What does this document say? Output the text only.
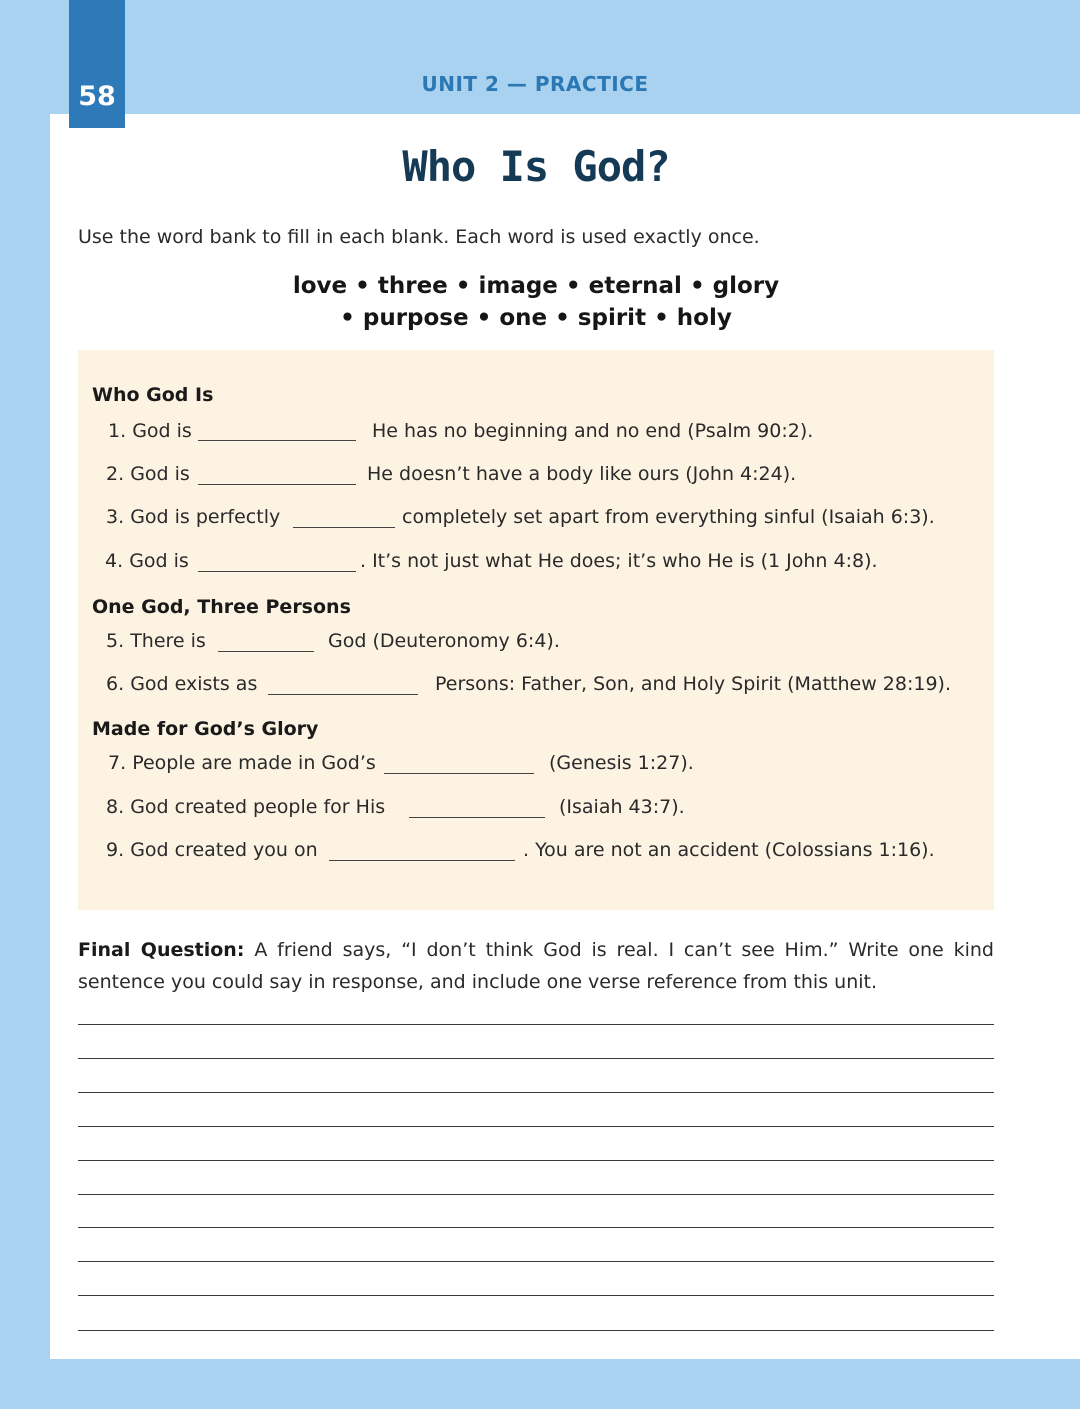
58	UNIT 2 — PRACTICE
Who Is God?
Use the word bank to fill in each blank. Each word is used exactly once.
love • three • image • eternal • glory
• purpose • one • spirit • holy
Who God Is
1. God is	He has no beginning and no end (Psalm 90:2).
2. God is	He doesn’t have a body like ours (John 4:24).
3. God is perfectly	completely set apart from everything sinful (Isaiah 6:3).
4. God is	. It’s not just what He does; it’s who He is (1 John 4:8).
One God, Three Persons
5. There is	God (Deuteronomy 6:4).
6. God exists as	Persons: Father, Son, and Holy Spirit (Matthew 28:19).
Made for God’s Glory
7. People are made in God’s	(Genesis 1:27).
8. God created people for His	(Isaiah 43:7).
9. God created you on	. You are not an accident (Colossians 1:16).
Final Question: A friend says, “I don’t think God is real. I can’t see Him.” Write one kind sentence you could say in response, and include one verse reference from this unit.
